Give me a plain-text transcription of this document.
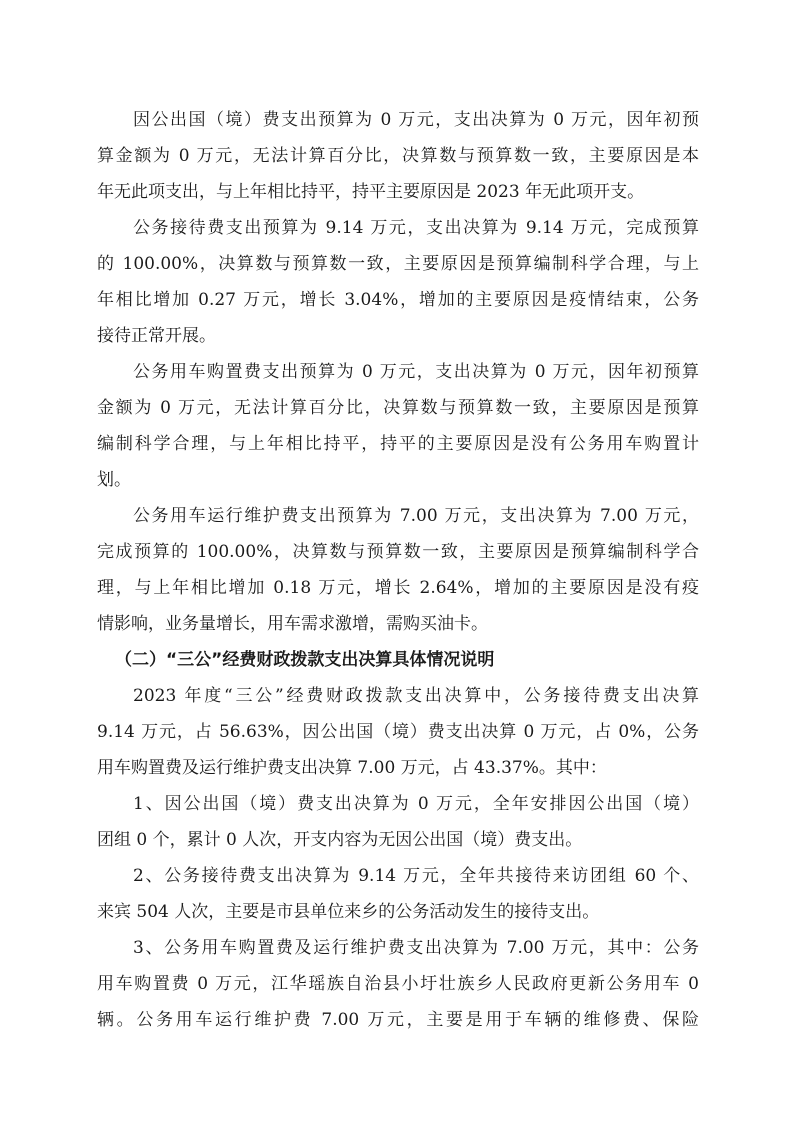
因公出国（境）费支出预算为 0 万元，支出决算为 0 万元，因年初预
算金额为 0 万元，无法计算百分比，决算数与预算数一致，主要原因是本
年无此项支出，与上年相比持平，持平主要原因是 2023 年无此项开支。
公务接待费支出预算为 9.14 万元，支出决算为 9.14 万元，完成预算
的 100.00%，决算数与预算数一致，主要原因是预算编制科学合理，与上
年相比增加 0.27 万元，增长 3.04%，增加的主要原因是疫情结束，公务
接待正常开展。
公务用车购置费支出预算为 0 万元，支出决算为 0 万元，因年初预算
金额为 0 万元，无法计算百分比，决算数与预算数一致，主要原因是预算
编制科学合理，与上年相比持平，持平的主要原因是没有公务用车购置计
划。
公务用车运行维护费支出预算为 7.00 万元，支出决算为 7.00 万元，
完成预算的 100.00%，决算数与预算数一致，主要原因是预算编制科学合
理，与上年相比增加 0.18 万元，增长 2.64%，增加的主要原因是没有疫
情影响，业务量增长，用车需求激增，需购买油卡。
（二）“三公”经费财政拨款支出决算具体情况说明
2023 年度“三公”经费财政拨款支出决算中，公务接待费支出决算
9.14 万元，占 56.63%，因公出国（境）费支出决算 0 万元，占 0%，公务
用车购置费及运行维护费支出决算 7.00 万元，占 43.37%。其中：
1、因公出国（境）费支出决算为 0 万元，全年安排因公出国（境）
团组 0 个，累计 0 人次，开支内容为无因公出国（境）费支出。
2、公务接待费支出决算为 9.14 万元，全年共接待来访团组 60 个、
来宾 504 人次，主要是市县单位来乡的公务活动发生的接待支出。
3、公务用车购置费及运行维护费支出决算为 7.00 万元，其中：公务
用车购置费 0 万元，江华瑶族自治县小圩壮族乡人民政府更新公务用车 0
辆。公务用车运行维护费 7.00 万元，主要是用于车辆的维修费、保险
